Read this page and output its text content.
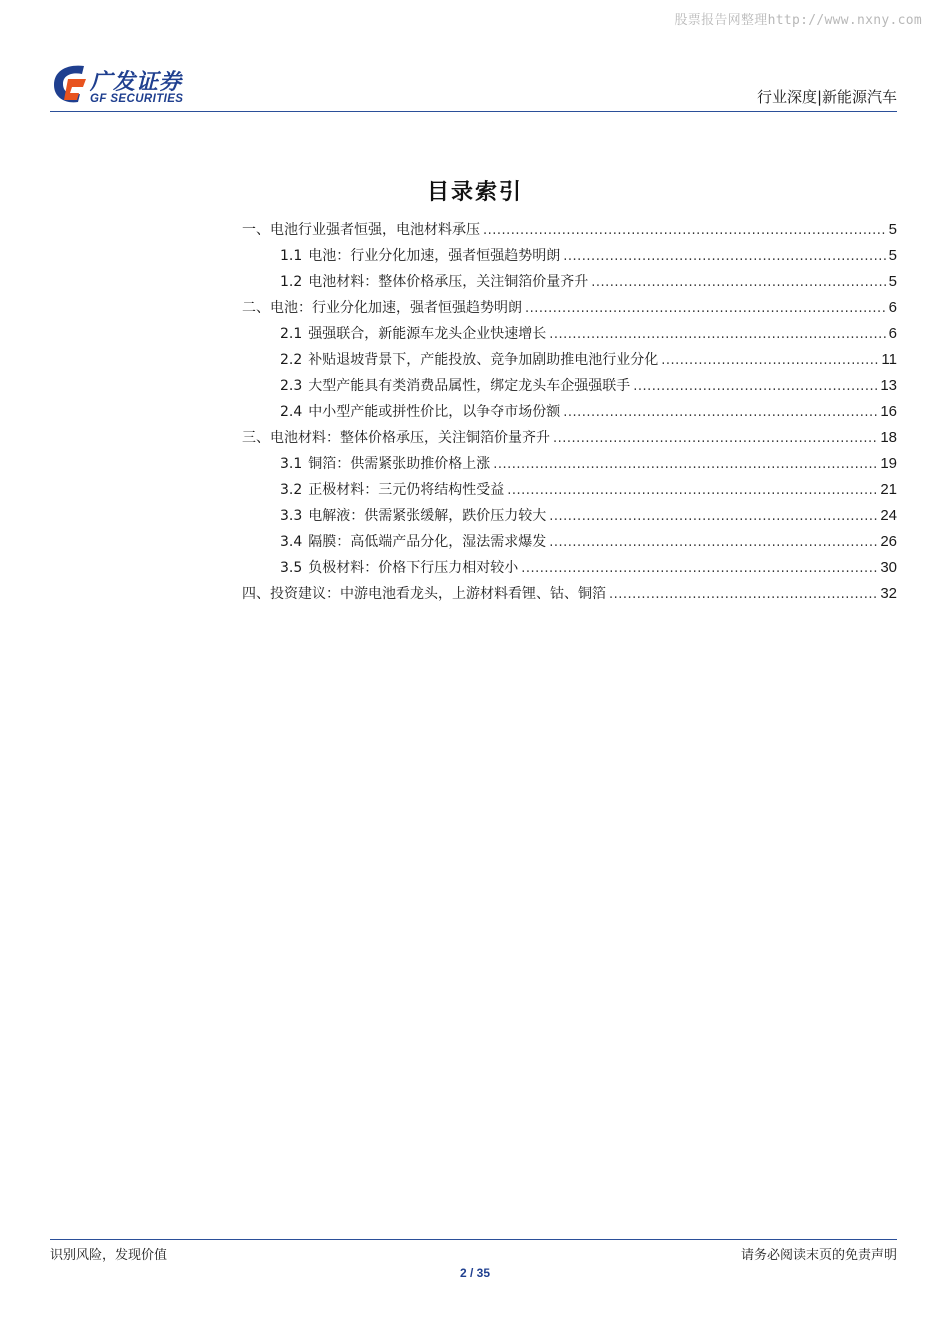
股票报告网整理http://www.nxny.com
广发证券
GF SECURITIES	行业深度|新能源汽车
目录索引
一、电池行业强者恒强，电池材料承压 .....	5
1.1 电池：行业分化加速，强者恒强趋势明朗 .....	5
1.2 电池材料：整体价格承压，关注铜箔价量齐升 .....	5
二、电池：行业分化加速，强者恒强趋势明朗 .....	6
2.1 强强联合，新能源车龙头企业快速增长 .....	6
2.2 补贴退坡背景下，产能投放、竞争加剧助推电池行业分化 .....	11
2.3 大型产能具有类消费品属性，绑定龙头车企强强联手 .....	13
2.4 中小型产能或拼性价比，以争夺市场份额 .....	16
三、电池材料：整体价格承压，关注铜箔价量齐升 .....	18
3.1 铜箔：供需紧张助推价格上涨 .....	19
3.2 正极材料：三元仍将结构性受益 .....	21
3.3 电解液：供需紧张缓解，跌价压力较大 .....	24
3.4 隔膜：高低端产品分化，湿法需求爆发 .....	26
3.5 负极材料：价格下行压力相对较小 .....	30
四、投资建议：中游电池看龙头，上游材料看锂、钴、铜箔 .....	32
识别风险，发现价值	请务必阅读末页的免责声明
2 / 35
